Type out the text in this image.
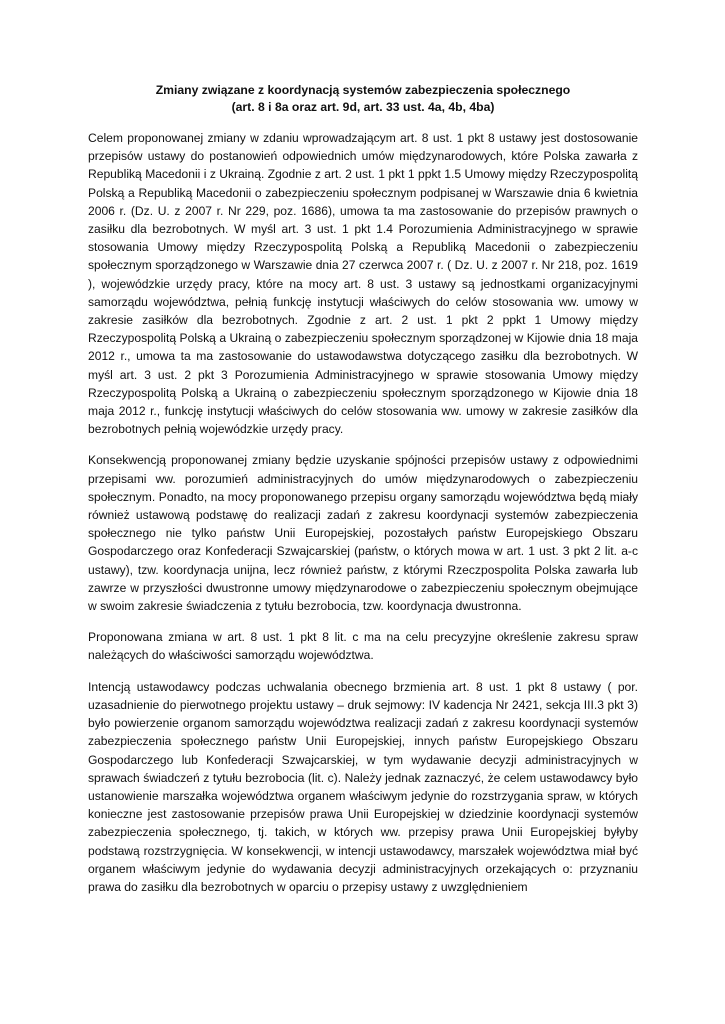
Zmiany związane z koordynacją systemów zabezpieczenia społecznego
(art. 8 i 8a oraz art. 9d, art. 33 ust. 4a, 4b, 4ba)

Celem proponowanej zmiany w zdaniu wprowadzającym art. 8 ust. 1 pkt 8 ustawy jest dostosowanie przepisów ustawy do postanowień odpowiednich umów międzynarodowych, które Polska zawarła z Republiką Macedonii i z Ukrainą. Zgodnie z art. 2 ust. 1 pkt 1 ppkt 1.5 Umowy między Rzeczypospolitą Polską a Republiką Macedonii o zabezpieczeniu społecznym podpisanej w Warszawie dnia 6 kwietnia 2006 r. (Dz. U. z 2007 r. Nr 229, poz. 1686), umowa ta ma zastosowanie do przepisów prawnych o zasiłku dla bezrobotnych. W myśl art. 3 ust. 1 pkt 1.4 Porozumienia Administracyjnego w sprawie stosowania Umowy między Rzeczypospolitą Polską a Republiką Macedonii o zabezpieczeniu społecznym sporządzonego w Warszawie dnia 27 czerwca 2007 r. ( Dz. U. z 2007 r. Nr 218, poz. 1619 ), wojewódzkie urzędy pracy, które na mocy art. 8 ust. 3 ustawy są jednostkami organizacyjnymi samorządu województwa, pełnią funkcję instytucji właściwych do celów stosowania ww. umowy w zakresie zasiłków dla bezrobotnych. Zgodnie z art. 2 ust. 1 pkt 2 ppkt 1 Umowy między Rzeczypospolitą Polską a Ukrainą o zabezpieczeniu społecznym sporządzonej w Kijowie dnia 18 maja 2012 r., umowa ta ma zastosowanie do ustawodawstwa dotyczącego zasiłku dla bezrobotnych. W myśl art. 3 ust. 2 pkt 3 Porozumienia Administracyjnego w sprawie stosowania Umowy między Rzeczypospolitą Polską a Ukrainą o zabezpieczeniu społecznym sporządzonego w Kijowie dnia 18 maja 2012 r., funkcję instytucji właściwych do celów stosowania ww. umowy w zakresie zasiłków dla bezrobotnych pełnią wojewódzkie urzędy pracy.

Konsekwencją proponowanej zmiany będzie uzyskanie spójności przepisów ustawy z odpowiednimi przepisami ww. porozumień administracyjnych do umów międzynarodowych o zabezpieczeniu społecznym. Ponadto, na mocy proponowanego przepisu organy samorządu województwa będą miały również ustawową podstawę do realizacji zadań z zakresu koordynacji systemów zabezpieczenia społecznego nie tylko państw Unii Europejskiej, pozostałych państw Europejskiego Obszaru Gospodarczego oraz Konfederacji Szwajcarskiej (państw, o których mowa w art. 1 ust. 3 pkt 2 lit. a-c ustawy), tzw. koordynacja unijna, lecz również państw, z którymi Rzeczpospolita Polska zawarła lub zawrze w przyszłości dwustronne umowy międzynarodowe o zabezpieczeniu społecznym obejmujące w swoim zakresie świadczenia z tytułu bezrobocia, tzw. koordynacja dwustronna.

Proponowana zmiana w art. 8 ust. 1 pkt 8 lit. c ma na celu precyzyjne określenie zakresu spraw należących do właściwości samorządu województwa.

Intencją ustawodawcy podczas uchwalania obecnego brzmienia art. 8 ust. 1 pkt 8 ustawy ( por. uzasadnienie do pierwotnego projektu ustawy – druk sejmowy: IV kadencja Nr 2421, sekcja III.3 pkt 3) było powierzenie organom samorządu województwa realizacji zadań z zakresu koordynacji systemów zabezpieczenia społecznego państw Unii Europejskiej, innych państw Europejskiego Obszaru Gospodarczego lub Konfederacji Szwajcarskiej, w tym wydawanie decyzji administracyjnych w sprawach świadczeń z tytułu bezrobocia (lit. c). Należy jednak zaznaczyć, że celem ustawodawcy było ustanowienie marszałka województwa organem właściwym jedynie do rozstrzygania spraw, w których konieczne jest zastosowanie przepisów prawa Unii Europejskiej w dziedzinie koordynacji systemów zabezpieczenia społecznego, tj. takich, w których ww. przepisy prawa Unii Europejskiej byłyby podstawą rozstrzygnięcia. W konsekwencji, w intencji ustawodawcy, marszałek województwa miał być organem właściwym jedynie do wydawania decyzji administracyjnych orzekających o: przyznaniu prawa do zasiłku dla bezrobotnych w oparciu o przepisy ustawy z uwzględnieniem
